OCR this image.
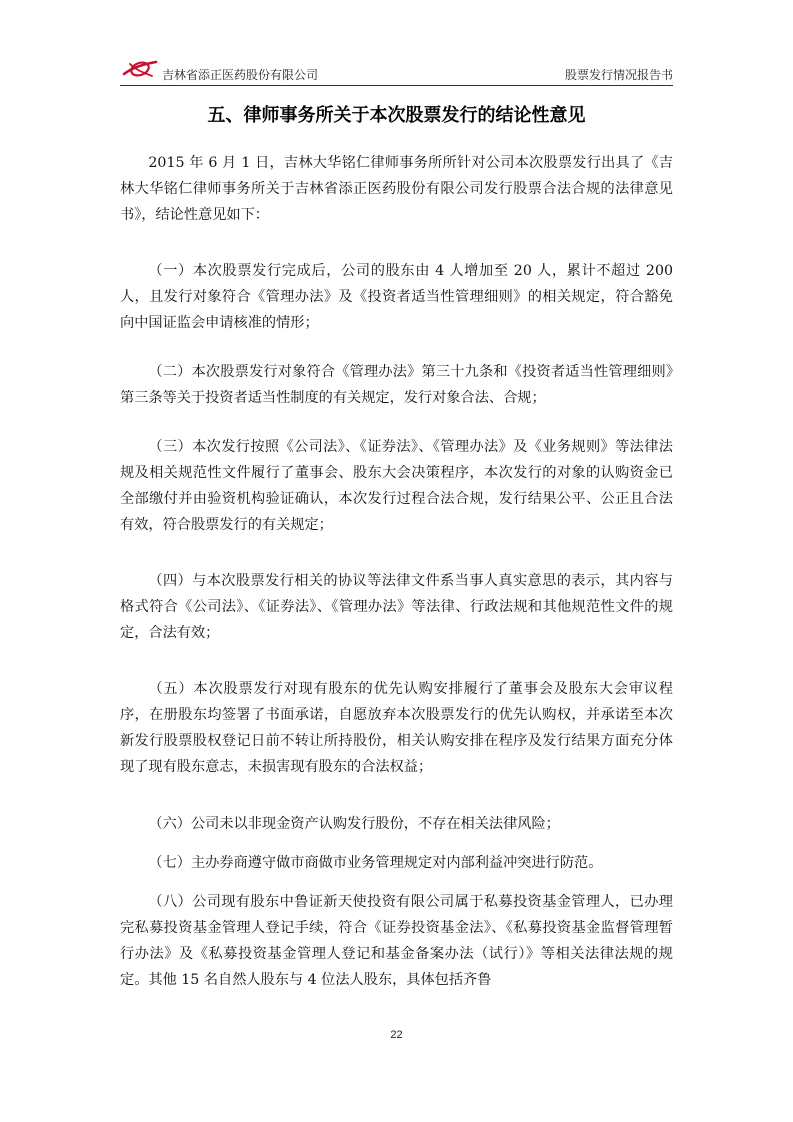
吉林省添正医药股份有限公司	股票发行情况报告书
五、律师事务所关于本次股票发行的结论性意见

2015 年 6 月 1 日，吉林大华铭仁律师事务所所针对公司本次股票发行出具了《吉林大华铭仁律师事务所关于吉林省添正医药股份有限公司发行股票合法合规的法律意见书》，结论性意见如下：

（一）本次股票发行完成后，公司的股东由 4 人增加至 20 人，累计不超过 200 人，且发行对象符合《管理办法》及《投资者适当性管理细则》的相关规定，符合豁免向中国证监会申请核准的情形；

（二）本次股票发行对象符合《管理办法》第三十九条和《投资者适当性管理细则》第三条等关于投资者适当性制度的有关规定，发行对象合法、合规；

（三）本次发行按照《公司法》、《证券法》、《管理办法》及《业务规则》等法律法规及相关规范性文件履行了董事会、股东大会决策程序，本次发行的对象的认购资金已全部缴付并由验资机构验证确认，本次发行过程合法合规，发行结果公平、公正且合法有效，符合股票发行的有关规定；

（四）与本次股票发行相关的协议等法律文件系当事人真实意思的表示，其内容与格式符合《公司法》、《证券法》、《管理办法》等法律、行政法规和其他规范性文件的规定，合法有效；

（五）本次股票发行对现有股东的优先认购安排履行了董事会及股东大会审议程序，在册股东均签署了书面承诺，自愿放弃本次股票发行的优先认购权，并承诺至本次新发行股票股权登记日前不转让所持股份，相关认购安排在程序及发行结果方面充分体现了现有股东意志，未损害现有股东的合法权益；

（六）公司未以非现金资产认购发行股份，不存在相关法律风险；

（七）主办券商遵守做市商做市业务管理规定对内部利益冲突进行防范。

（八）公司现有股东中鲁证新天使投资有限公司属于私募投资基金管理人，已办理完私募投资基金管理人登记手续，符合《证券投资基金法》、《私募投资基金监督管理暂行办法》及《私募投资基金管理人登记和基金备案办法（试行）》等相关法律法规的规定。其他 15 名自然人股东与 4 位法人股东，具体包括齐鲁

22
